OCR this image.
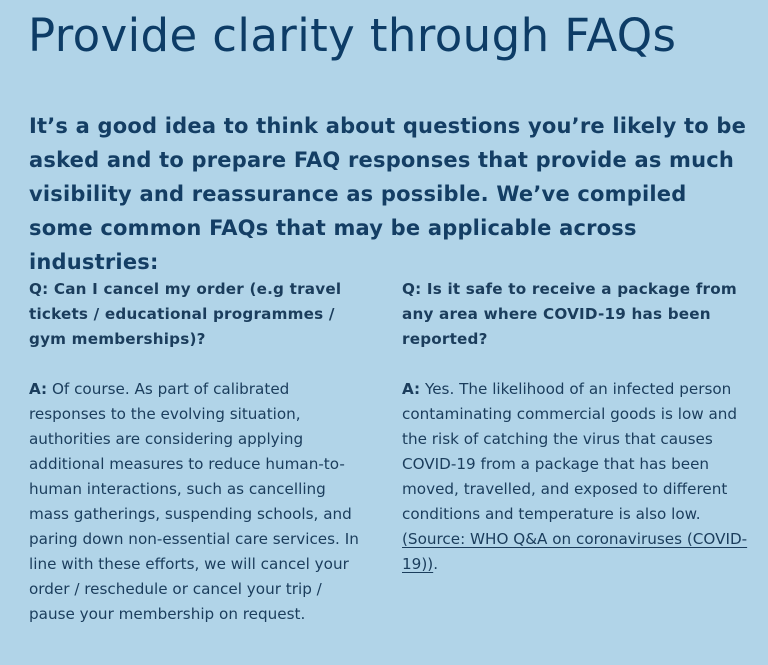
Provide clarity through FAQs

It’s a good idea to think about questions you’re likely to be asked and to prepare FAQ responses that provide as much visibility and reassurance as possible. We’ve compiled some common FAQs that may be applicable across industries:

Q: Can I cancel my order (e.g travel tickets / educational programmes / gym memberships)?

A: Of course. As part of calibrated responses to the evolving situation, authorities are considering applying additional measures to reduce human-to-human interactions, such as cancelling mass gatherings, suspending schools, and paring down non-essential care services. In line with these efforts, we will cancel your order / reschedule or cancel your trip / pause your membership on request.

Q: Is it safe to receive a package from any area where COVID-19 has been reported?

A: Yes. The likelihood of an infected person contaminating commercial goods is low and the risk of catching the virus that causes COVID-19 from a package that has been moved, travelled, and exposed to different conditions and temperature is also low. (Source: WHO Q&A on coronaviruses (COVID-19)).
